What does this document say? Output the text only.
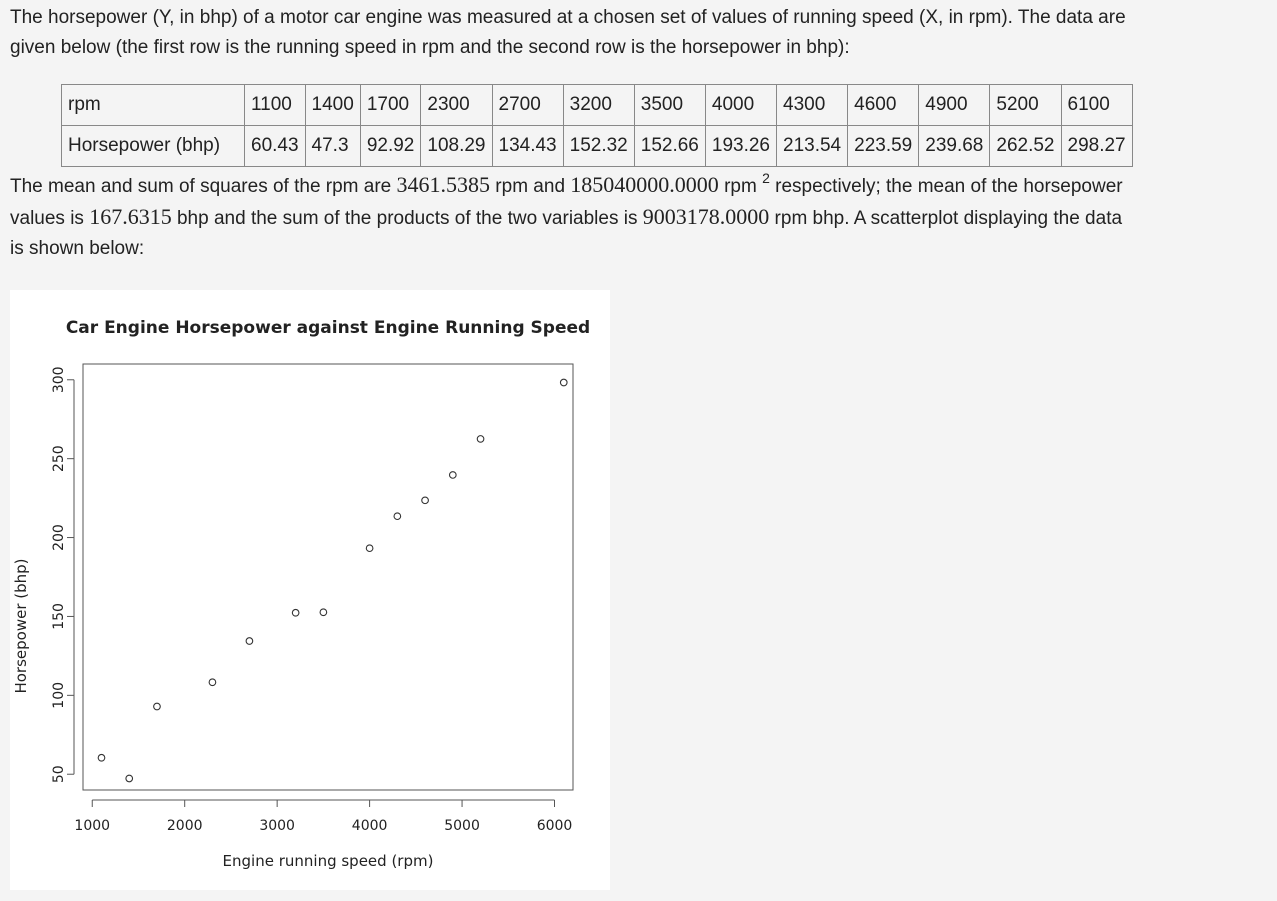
The horsepower (Y, in bhp) of a motor car engine was measured at a chosen set of values of running speed (X, in rpm). The data are
given below (the first row is the running speed in rpm and the second row is the horsepower in bhp):

rpm	1100	1400	1700	2300	2700	3200	3500	4000	4300	4600	4900	5200	6100
Horsepower (bhp)	60.43	47.3	92.92	108.29	134.43	152.32	152.66	193.26	213.54	223.59	239.68	262.52	298.27

The mean and sum of squares of the rpm are 3461.5385 rpm and 185040000.0000 rpm $^2$ respectively; the mean of the horsepower
values is 167.6315 bhp and the sum of the products of the two variables is 9003178.0000 rpm bhp. A scatterplot displaying the data
is shown below:

Car Engine Horsepower against Engine Running Speed
Engine running speed (rpm)
Horsepower (bhp)
1000	2000	3000	4000	5000	6000
50
100
150
200
250
300
